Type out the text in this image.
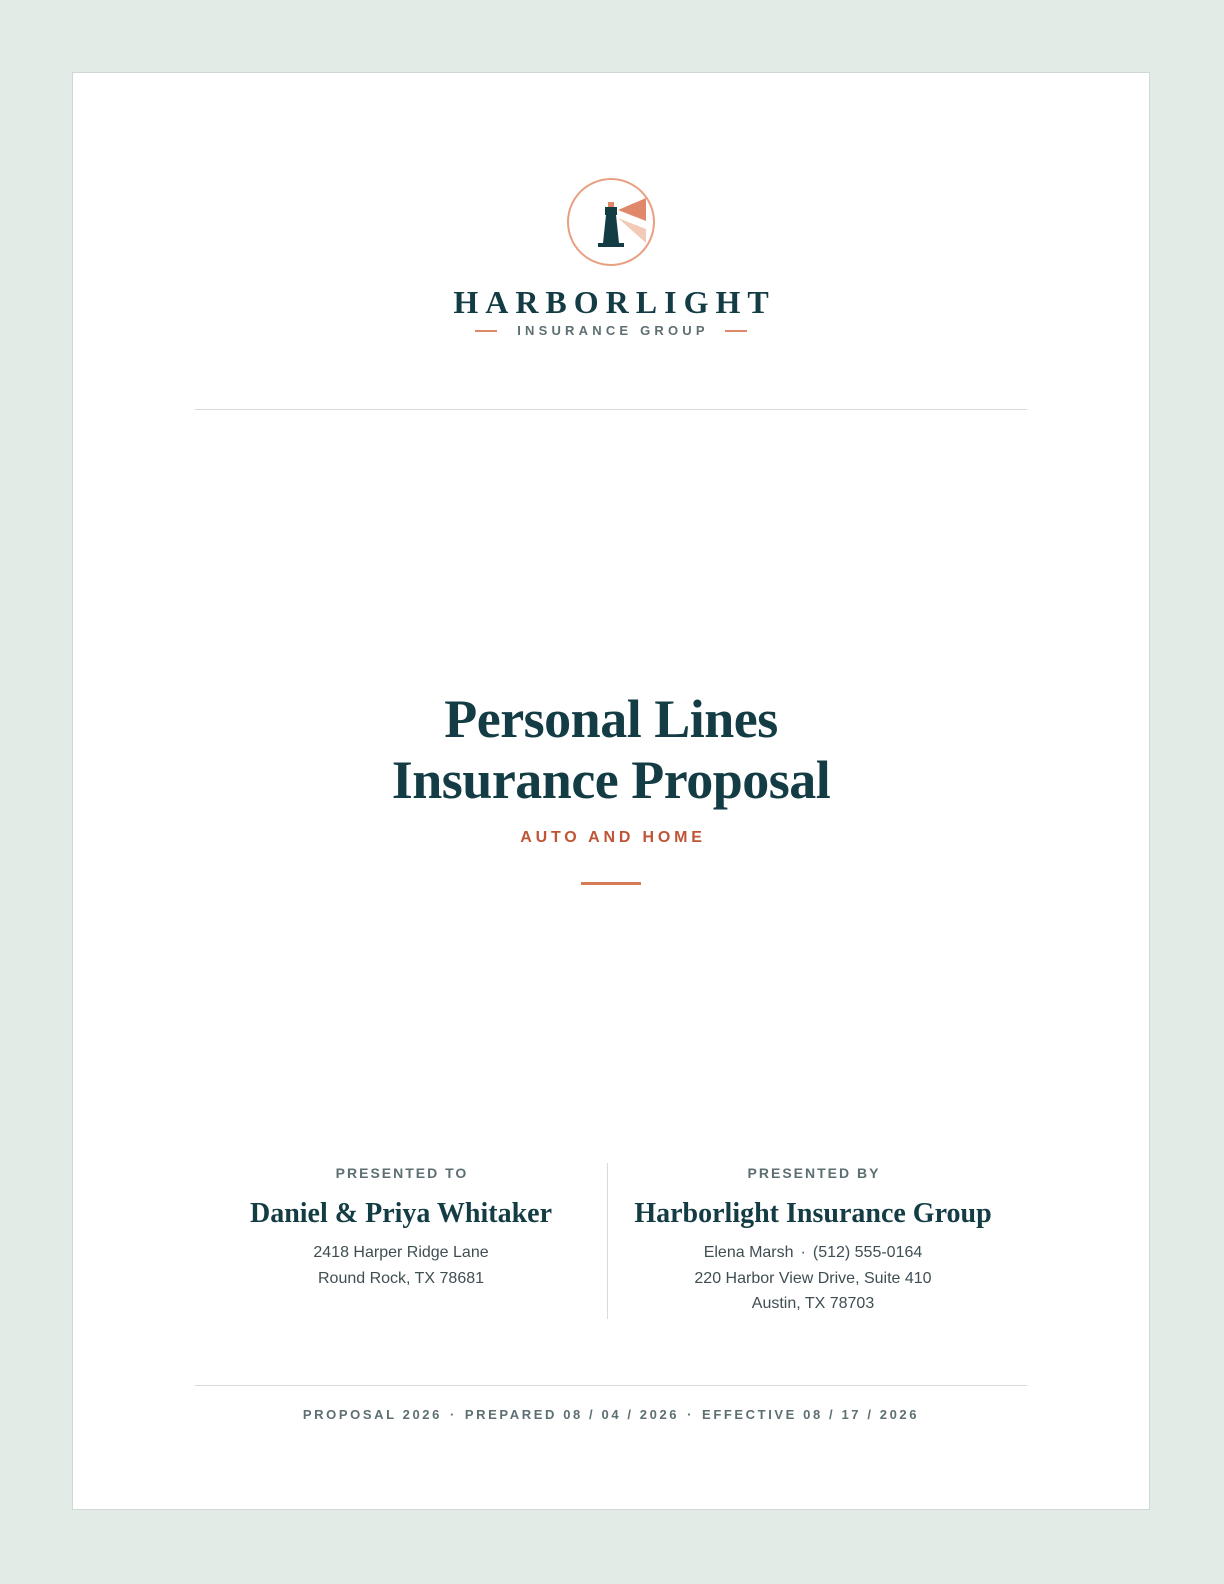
HARBORLIGHT
INSURANCE GROUP
Personal Lines
Insurance Proposal
AUTO AND HOME
PRESENTED TO
Daniel & Priya Whitaker
2418 Harper Ridge Lane
Round Rock, TX 78681
PRESENTED BY
Harborlight Insurance Group
Elena Marsh · (512) 555-0164
220 Harbor View Drive, Suite 410
Austin, TX 78703
PROPOSAL 2026 · PREPARED 08 / 04 / 2026 · EFFECTIVE 08 / 17 / 2026
